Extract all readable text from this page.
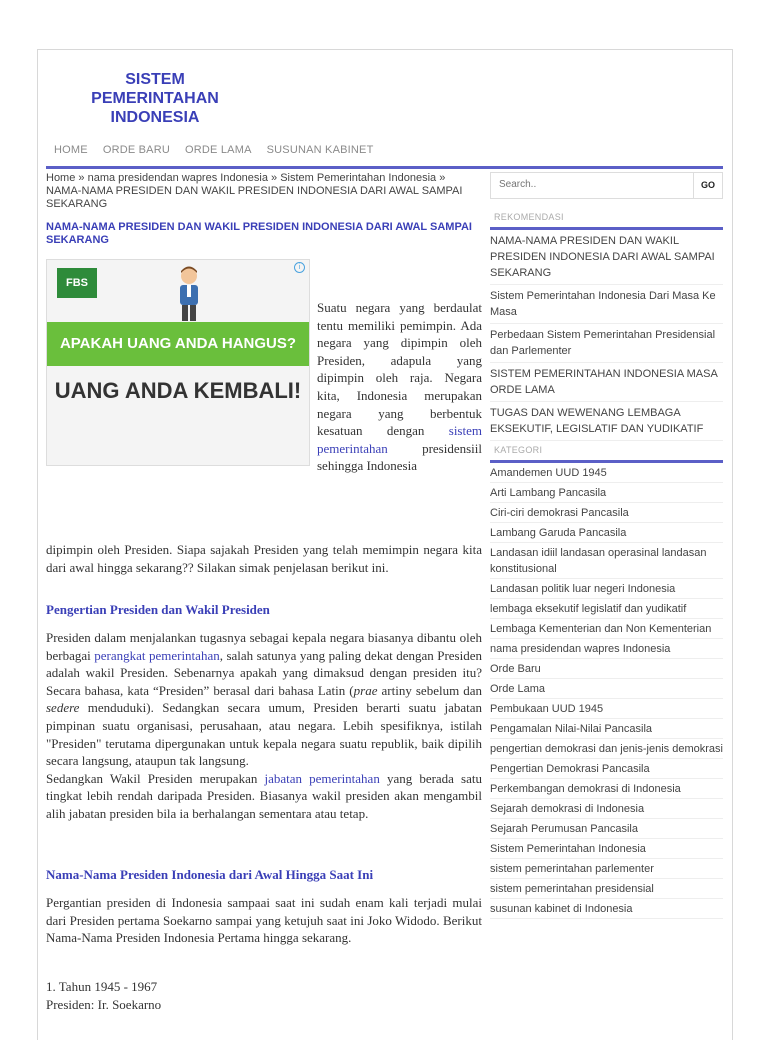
SISTEM PEMERINTAHAN INDONESIA
HOME ORDE BARU ORDE LAMA SUSUNAN KABINET
Home » nama presidendan wapres Indonesia » Sistem Pemerintahan Indonesia » NAMA-NAMA PRESIDEN DAN WAKIL PRESIDEN INDONESIA DARI AWAL SAMPAI SEKARANG
NAMA-NAMA PRESIDEN DAN WAKIL PRESIDEN INDONESIA DARI AWAL SAMPAI SEKARANG
FBS
i
APAKAH UANG ANDA HANGUS?
UANG ANDA KEMBALI!
Suatu negara yang berdaulat tentu memiliki pemimpin. Ada negara yang dipimpin oleh Presiden, adapula yang dipimpin oleh raja. Negara kita, Indonesia merupakan negara yang berbentuk kesatuan dengan sistem pemerintahan presidensiil sehingga Indonesia
dipimpin oleh Presiden. Siapa sajakah Presiden yang telah memimpin negara kita dari awal hingga sekarang?? Silakan simak penjelasan berikut ini.
Pengertian Presiden dan Wakil Presiden
Presiden dalam menjalankan tugasnya sebagai kepala negara biasanya dibantu oleh berbagai perangkat pemerintahan, salah satunya yang paling dekat dengan Presiden adalah wakil Presiden. Sebenarnya apakah yang dimaksud dengan presiden itu? Secara bahasa, kata “Presiden” berasal dari bahasa Latin (prae artiny sebelum dan sedere menduduki). Sedangkan secara umum, Presiden berarti suatu jabatan pimpinan suatu organisasi, perusahaan, atau negara. Lebih spesifiknya, istilah "Presiden" terutama dipergunakan untuk kepala negara suatu republik, baik dipilih secara langsung, ataupun tak langsung.
Sedangkan Wakil Presiden merupakan jabatan pemerintahan yang berada satu tingkat lebih rendah daripada Presiden. Biasanya wakil presiden akan mengambil alih jabatan presiden bila ia berhalangan sementara atau tetap.
Nama-Nama Presiden Indonesia dari Awal Hingga Saat Ini
Pergantian presiden di Indonesia sampaai saat ini sudah enam kali terjadi mulai dari Presiden pertama Soekarno sampai yang ketujuh saat ini Joko Widodo. Berikut Nama-Nama Presiden Indonesia Pertama hingga sekarang.
1. Tahun 1945 - 1967
Presiden: Ir. Soekarno
Search..
GO
REKOMENDASI
NAMA-NAMA PRESIDEN DAN WAKIL PRESIDEN INDONESIA DARI AWAL SAMPAI SEKARANG
Sistem Pemerintahan Indonesia Dari Masa Ke Masa
Perbedaan Sistem Pemerintahan Presidensial dan Parlementer
SISTEM PEMERINTAHAN INDONESIA MASA ORDE LAMA
TUGAS DAN WEWENANG LEMBAGA EKSEKUTIF, LEGISLATIF DAN YUDIKATIF
KATEGORI
Amandemen UUD 1945
Arti Lambang Pancasila
Ciri-ciri demokrasi Pancasila
Lambang Garuda Pancasila
Landasan idiil landasan operasinal landasan konstitusional
Landasan politik luar negeri Indonesia
lembaga eksekutif legislatif dan yudikatif
Lembaga Kementerian dan Non Kementerian
nama presidendan wapres Indonesia
Orde Baru
Orde Lama
Pembukaan UUD 1945
Pengamalan Nilai-Nilai Pancasila
pengertian demokrasi dan jenis-jenis demokrasi
Pengertian Demokrasi Pancasila
Perkembangan demokrasi di Indonesia
Sejarah demokrasi di Indonesia
Sejarah Perumusan Pancasila
Sistem Pemerintahan Indonesia
sistem pemerintahan parlementer
sistem pemerintahan presidensial
susunan kabinet di Indonesia
